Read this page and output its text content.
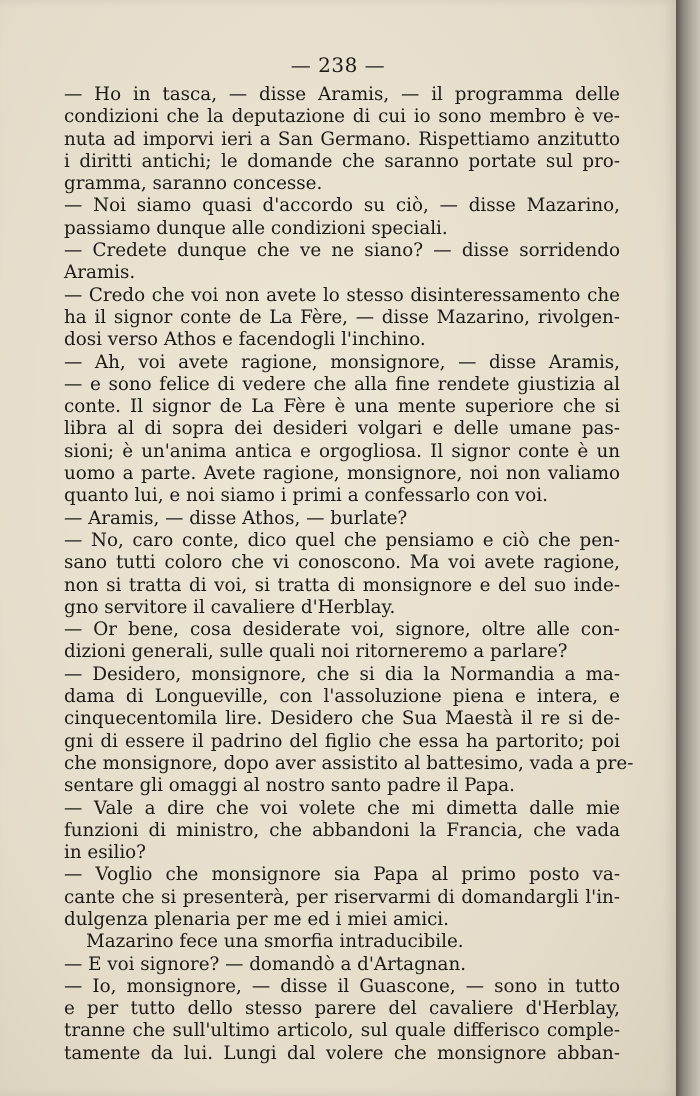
— 238 —
— Ho in tasca, — disse Aramis, — il programma delle
condizioni che la deputazione di cui io sono membro è ve-
nuta ad imporvi ieri a San Germano. Rispettiamo anzitutto
i diritti antichi; le domande che saranno portate sul pro-
gramma, saranno concesse.
— Noi siamo quasi d'accordo su ciò, — disse Mazarino,
passiamo dunque alle condizioni speciali.
— Credete dunque che ve ne siano? — disse sorridendo
Aramis.
— Credo che voi non avete lo stesso disinteressamento che
ha il signor conte de La Fère, — disse Mazarino, rivolgen-
dosi verso Athos e facendogli l'inchino.
— Ah, voi avete ragione, monsignore, — disse Aramis,
— e sono felice di vedere che alla fine rendete giustizia al
conte. Il signor de La Fère è una mente superiore che si
libra al di sopra dei desideri volgari e delle umane pas-
sioni; è un'anima antica e orgogliosa. Il signor conte è un
uomo a parte. Avete ragione, monsignore, noi non valiamo
quanto lui, e noi siamo i primi a confessarlo con voi.
— Aramis, — disse Athos, — burlate?
— No, caro conte, dico quel che pensiamo e ciò che pen-
sano tutti coloro che vi conoscono. Ma voi avete ragione,
non si tratta di voi, si tratta di monsignore e del suo indе-
gno servitore il cavaliere d'Herblay.
— Or bene, cosa desiderate voi, signore, oltre alle con-
dizioni generali, sulle quali noi ritorneremo a parlare?
— Desidero, monsignore, che si dia la Normandia a ma-
dama di Longueville, con l'assoluzione piena e intera, e
cinquecentomila lire. Desidero che Sua Maestà il re si de-
gni di essere il padrino del figlio che essa ha partorito; poi
che monsignore, dopo aver assistito al battesimo, vada a pre-
sentare gli omaggi al nostro santo padre il Papa.
— Vale a dire che voi volete che mi dimetta dalle mie
funzioni di ministro, che abbandoni la Francia, che vada
in esilio?
— Voglio che monsignore sia Papa al primo posto va-
cante che si presenterà, per riservarmi di domandargli l'in-
dulgenza plenaria per me ed i miei amici.
Mazarino fece una smorfia intraducibile.
— E voi signore? — domandò a d'Artagnan.
— Io, monsignore, — disse il Guascone, — sono in tutto
e per tutto dello stesso parere del cavaliere d'Herblay,
tranne che sull'ultimo articolo, sul quale differisco comple-
tamente da lui. Lungi dal volere che monsignore abban-
